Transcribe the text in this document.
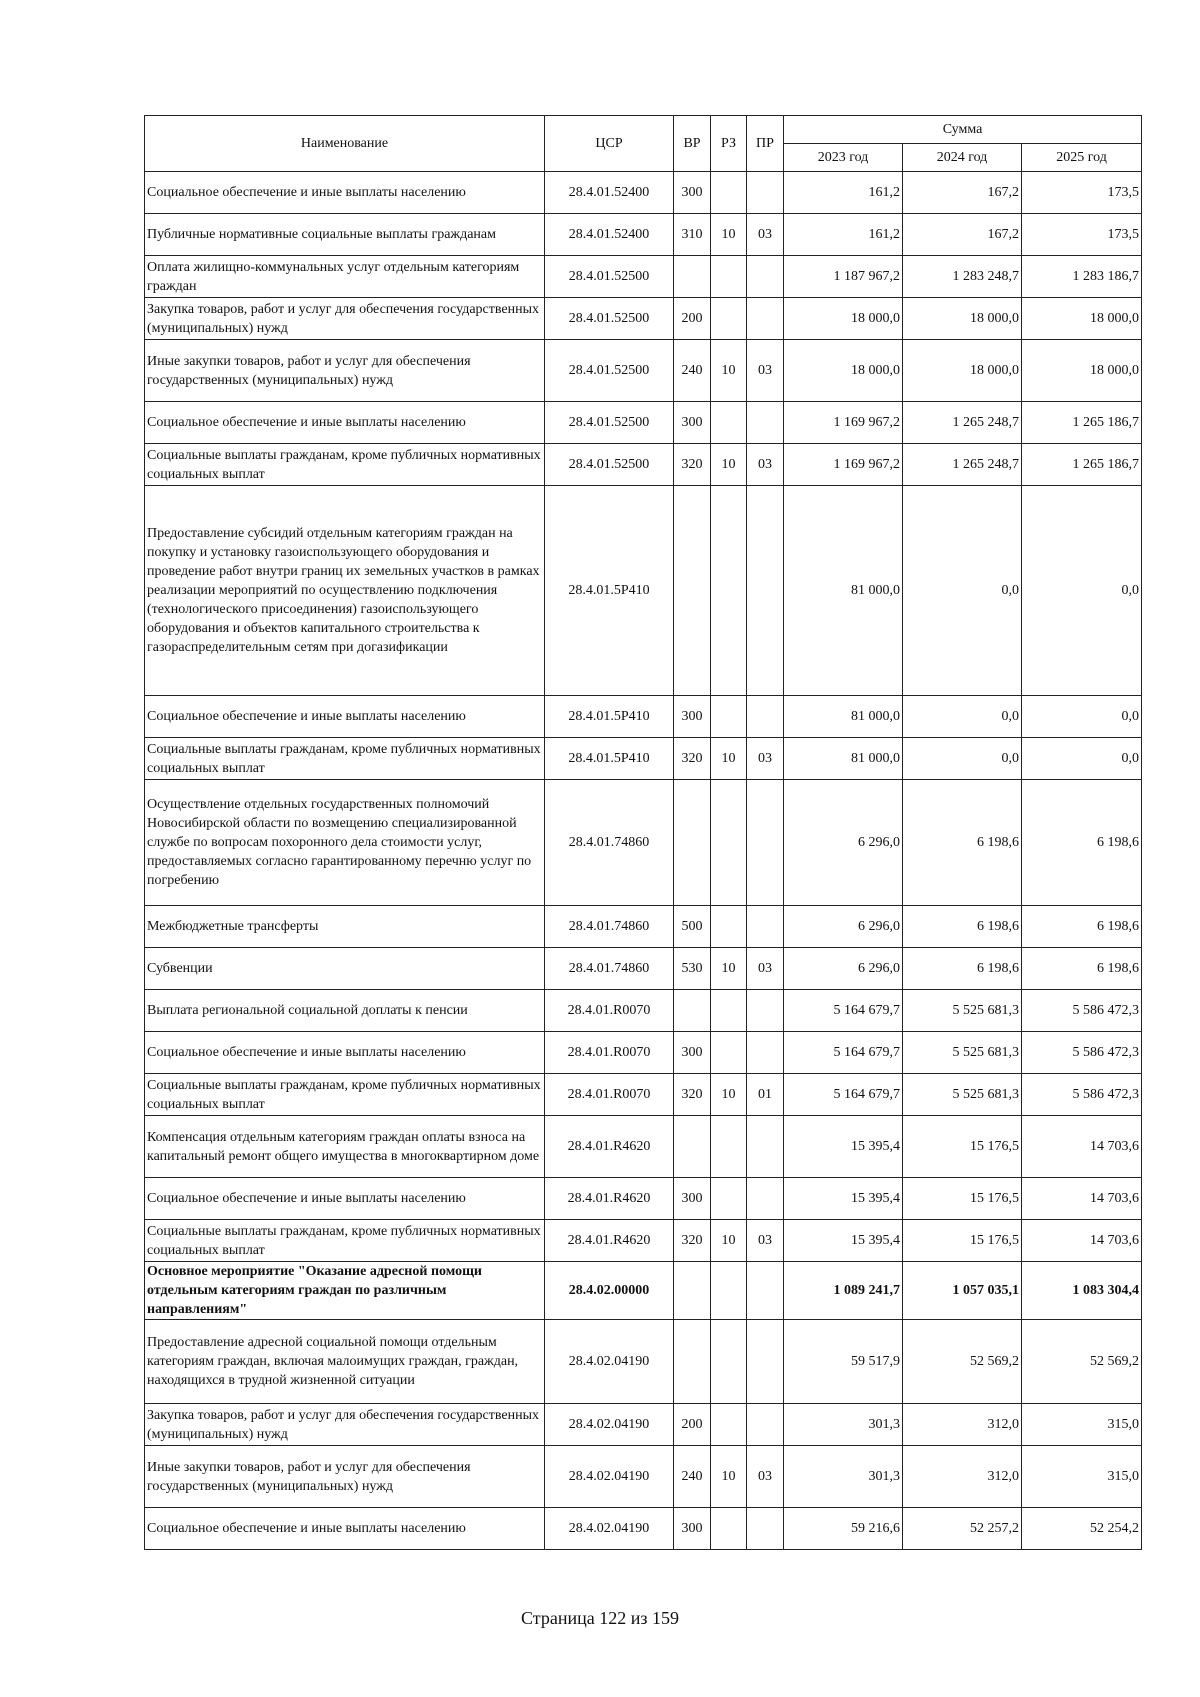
Наименование	ЦСР	ВР	РЗ	ПР	Сумма		
					2023 год	2024 год	2025 год
Социальное обеспечение и иные выплаты населению	28.4.01.52400	300			161,2	167,2	173,5
Публичные нормативные социальные выплаты гражданам	28.4.01.52400	310	10	03	161,2	167,2	173,5
Оплата жилищно-коммунальных услуг отдельным категориям граждан	28.4.01.52500				1 187 967,2	1 283 248,7	1 283 186,7
Закупка товаров, работ и услуг для обеспечения государственных (муниципальных) нужд	28.4.01.52500	200			18 000,0	18 000,0	18 000,0
Иные закупки товаров, работ и услуг для обеспечения государственных (муниципальных) нужд	28.4.01.52500	240	10	03	18 000,0	18 000,0	18 000,0
Социальное обеспечение и иные выплаты населению	28.4.01.52500	300			1 169 967,2	1 265 248,7	1 265 186,7
Социальные выплаты гражданам, кроме публичных нормативных социальных выплат	28.4.01.52500	320	10	03	1 169 967,2	1 265 248,7	1 265 186,7
Предоставление субсидий отдельным категориям граждан на покупку и установку газоиспользующего оборудования и проведение работ внутри границ их земельных участков в рамках реализации мероприятий по осуществлению подключения (технологического присоединения) газоиспользующего оборудования и объектов капитального строительства к газораспределительным сетям при догазификации	28.4.01.5Р410				81 000,0	0,0	0,0
Социальное обеспечение и иные выплаты населению	28.4.01.5Р410	300			81 000,0	0,0	0,0
Социальные выплаты гражданам, кроме публичных нормативных социальных выплат	28.4.01.5Р410	320	10	03	81 000,0	0,0	0,0
Осуществление отдельных государственных полномочий Новосибирской области по возмещению специализированной службе по вопросам похоронного дела стоимости услуг, предоставляемых согласно гарантированному перечню услуг по погребению	28.4.01.74860				6 296,0	6 198,6	6 198,6
Межбюджетные трансферты	28.4.01.74860	500			6 296,0	6 198,6	6 198,6
Субвенции	28.4.01.74860	530	10	03	6 296,0	6 198,6	6 198,6
Выплата региональной социальной доплаты к пенсии	28.4.01.R0070				5 164 679,7	5 525 681,3	5 586 472,3
Социальное обеспечение и иные выплаты населению	28.4.01.R0070	300			5 164 679,7	5 525 681,3	5 586 472,3
Социальные выплаты гражданам, кроме публичных нормативных социальных выплат	28.4.01.R0070	320	10	01	5 164 679,7	5 525 681,3	5 586 472,3
Компенсация отдельным категориям граждан оплаты взноса на капитальный ремонт общего имущества в многоквартирном доме	28.4.01.R4620				15 395,4	15 176,5	14 703,6
Социальное обеспечение и иные выплаты населению	28.4.01.R4620	300			15 395,4	15 176,5	14 703,6
Социальные выплаты гражданам, кроме публичных нормативных социальных выплат	28.4.01.R4620	320	10	03	15 395,4	15 176,5	14 703,6
Основное мероприятие "Оказание адресной помощи отдельным категориям граждан по различным направлениям"	28.4.02.00000				1 089 241,7	1 057 035,1	1 083 304,4
Предоставление адресной социальной помощи отдельным категориям граждан, включая малоимущих граждан, граждан, находящихся в трудной жизненной ситуации	28.4.02.04190				59 517,9	52 569,2	52 569,2
Закупка товаров, работ и услуг для обеспечения государственных (муниципальных) нужд	28.4.02.04190	200			301,3	312,0	315,0
Иные закупки товаров, работ и услуг для обеспечения государственных (муниципальных) нужд	28.4.02.04190	240	10	03	301,3	312,0	315,0
Социальное обеспечение и иные выплаты населению	28.4.02.04190	300			59 216,6	52 257,2	52 254,2
Страница 122 из 159
